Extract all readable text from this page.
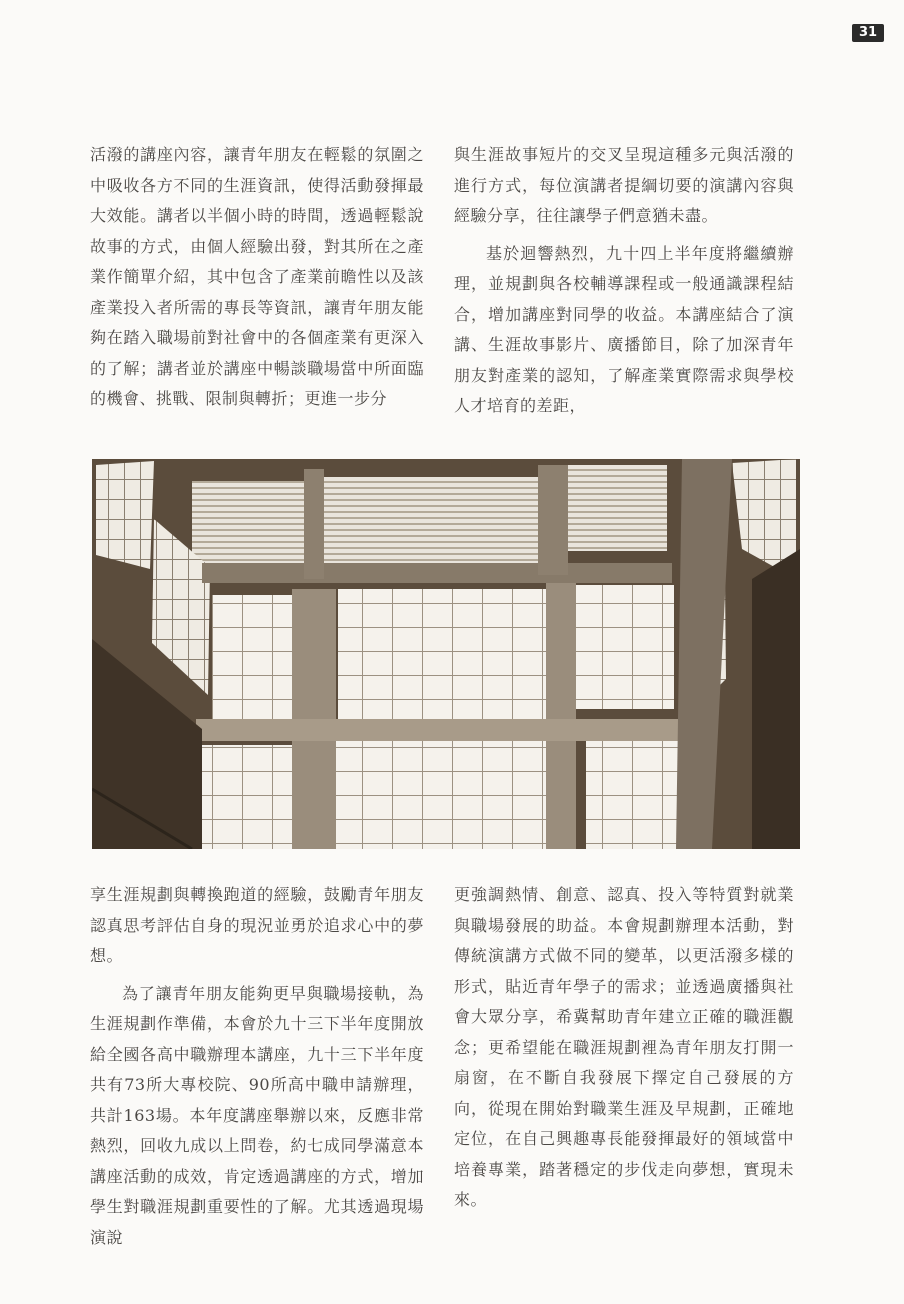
31

活潑的講座內容，讓青年朋友在輕鬆的氛圍之中吸收各方不同的生涯資訊，使得活動發揮最大效能。講者以半個小時的時間，透過輕鬆說故事的方式，由個人經驗出發，對其所在之產業作簡單介紹，其中包含了產業前瞻性以及該產業投入者所需的專長等資訊，讓青年朋友能夠在踏入職場前對社會中的各個產業有更深入的了解；講者並於講座中暢談職場當中所面臨的機會、挑戰、限制與轉折；更進一步分

與生涯故事短片的交叉呈現這種多元與活潑的進行方式，每位演講者提綱切要的演講內容與經驗分享，往往讓學子們意猶未盡。

基於迴響熱烈，九十四上半年度將繼續辦理，並規劃與各校輔導課程或一般通識課程結合，增加講座對同學的收益。本講座結合了演講、生涯故事影片、廣播節目，除了加深青年朋友對產業的認知，了解產業實際需求與學校人才培育的差距，

享生涯規劃與轉換跑道的經驗，鼓勵青年朋友認真思考評估自身的現況並勇於追求心中的夢想。

為了讓青年朋友能夠更早與職場接軌，為生涯規劃作準備，本會於九十三下半年度開放給全國各高中職辦理本講座，九十三下半年度共有73所大專校院、90所高中職申請辦理，共計163場。本年度講座舉辦以來，反應非常熱烈，回收九成以上問卷，約七成同學滿意本講座活動的成效，肯定透過講座的方式，增加學生對職涯規劃重要性的了解。尤其透過現場演說

更強調熱情、創意、認真、投入等特質對就業與職場發展的助益。本會規劃辦理本活動，對傳統演講方式做不同的變革，以更活潑多樣的形式，貼近青年學子的需求；並透過廣播與社會大眾分享，希冀幫助青年建立正確的職涯觀念；更希望能在職涯規劃裡為青年朋友打開一扇窗，在不斷自我發展下擇定自己發展的方向，從現在開始對職業生涯及早規劃，正確地定位，在自己興趣專長能發揮最好的領域當中培養專業，踏著穩定的步伐走向夢想，實現未來。
